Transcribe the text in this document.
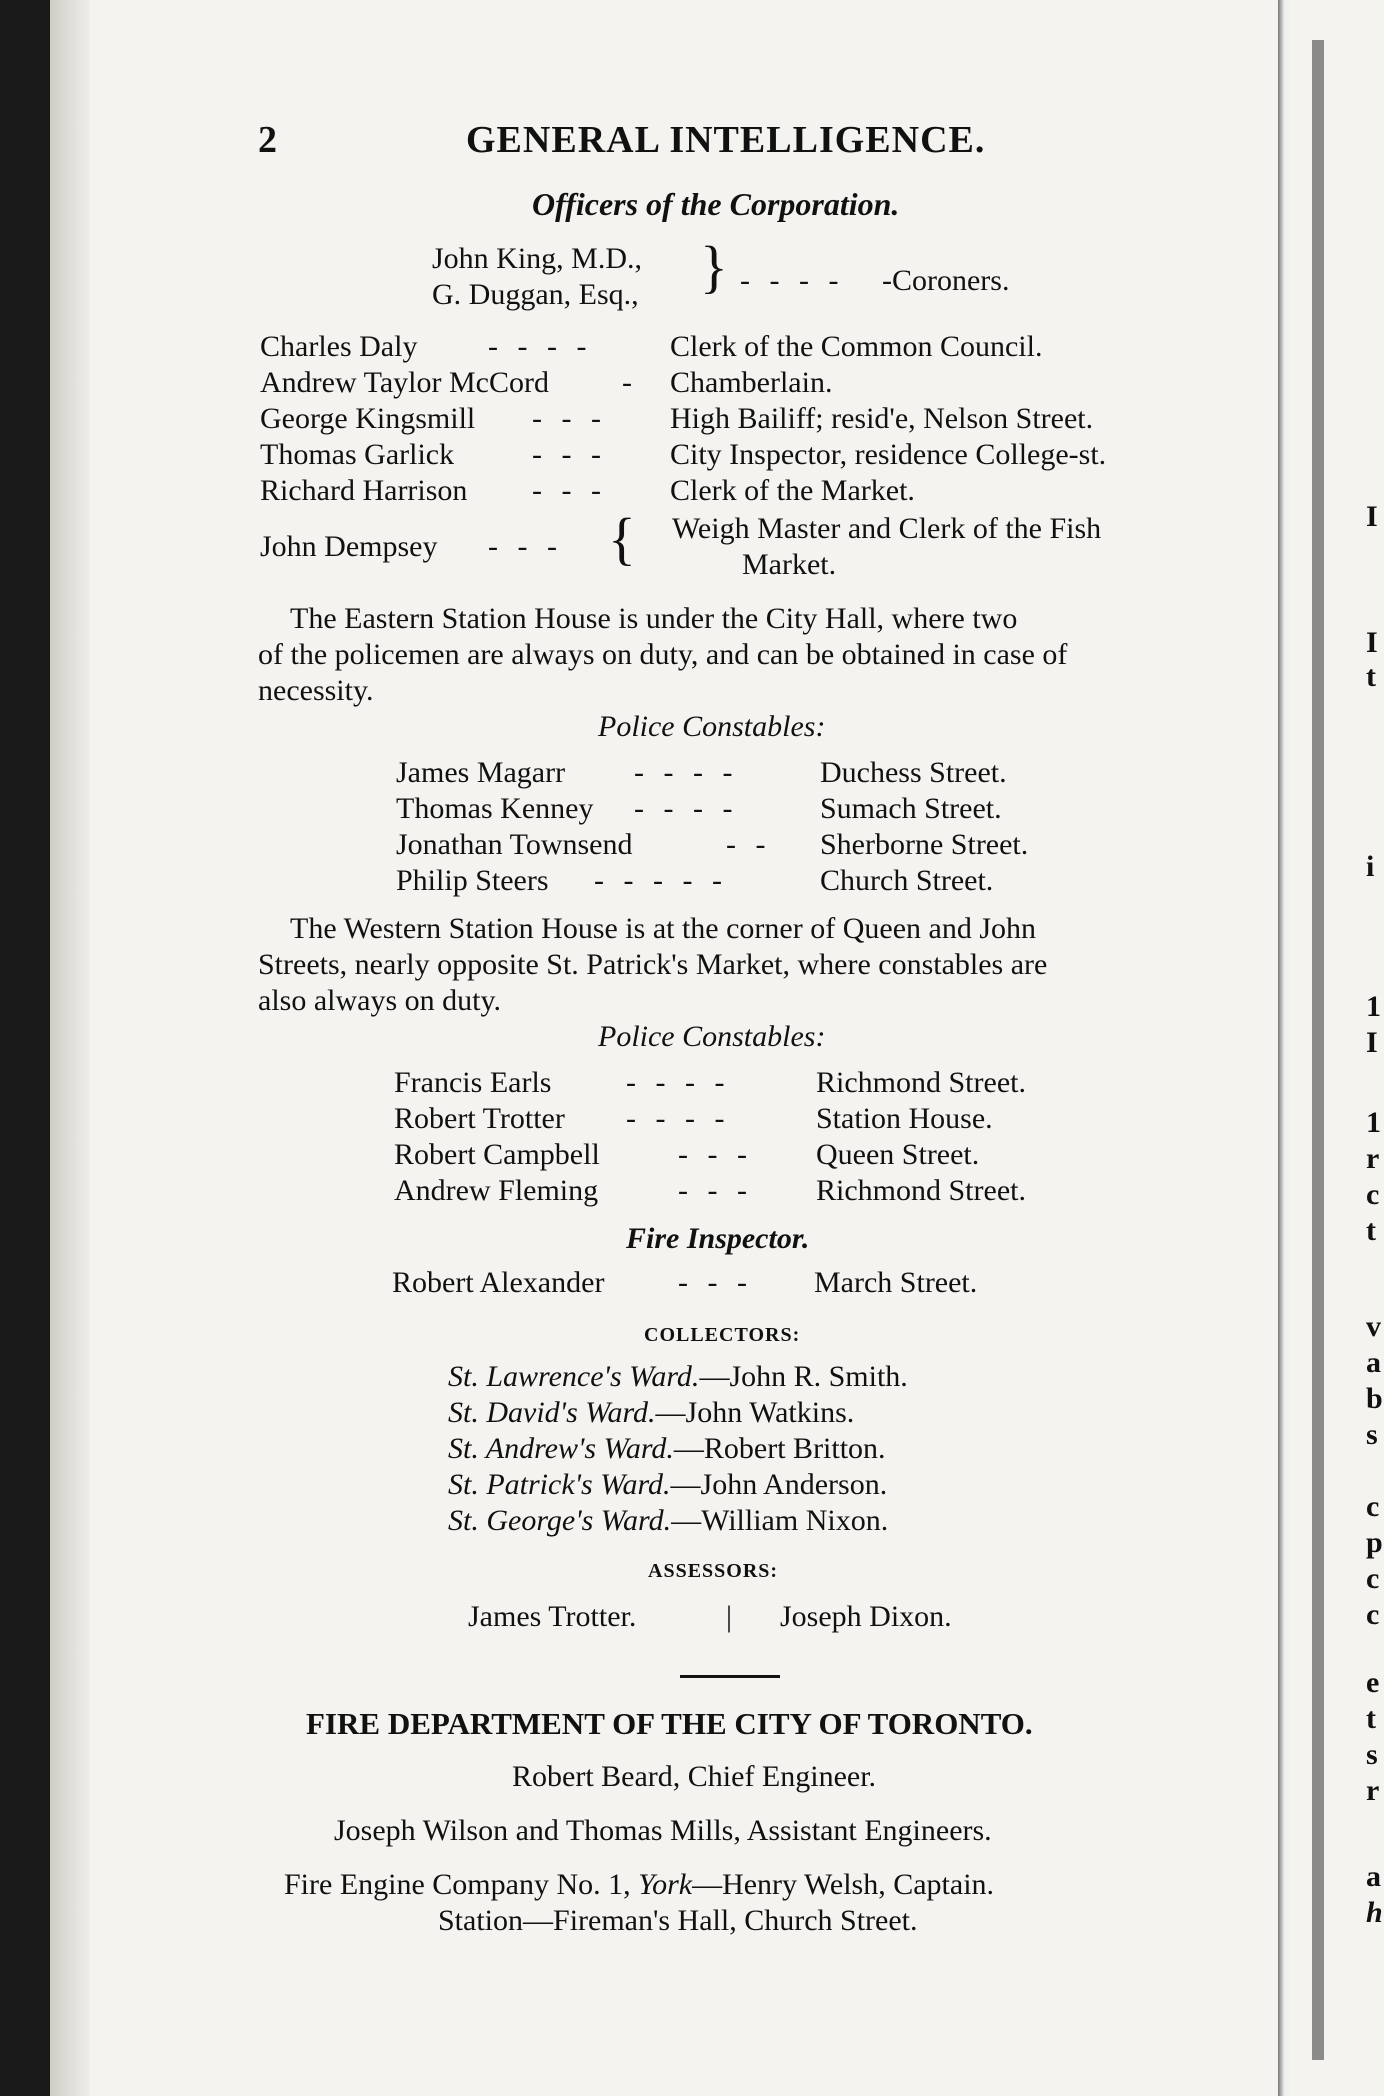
2	GENERAL INTELLIGENCE.
Officers of the Corporation.
John King, M.D.,
G. Duggan, Esq., } - - - - -Coroners.
Charles Daly - - - -	Clerk of the Common Council.
Andrew Taylor McCord - Chamberlain.
George Kingsmill - - - High Bailiff; resid'e, Nelson Street.
Thomas Garlick	- - - City Inspector, residence College-st.
Richard Harrison - - - Clerk of the Market.
John Dempsey - - - { Weigh Master and Clerk of the Fish
Market.
The Eastern Station House is under the City Hall, where two
of the policemen are always on duty, and can be obtained in case of
necessity.
Police Constables:
James Magarr - - - -	Duchess Street.
Thomas Kenney - - - -	Sumach Street.
Jonathan Townsend	- - Sherborne Street.
Philip Steers - - - - -	Church Street.
The Western Station House is at the corner of Queen and John
Streets, nearly opposite St. Patrick's Market, where constables are
also always on duty.
Police Constables:
Francis Earls - - - -	Richmond Street.
Robert Trotter - - - -	Station House.
Robert Campbell	- - - Queen Street.
Andrew Fleming	- - - Richmond Street.
Fire Inspector.
Robert Alexander - - - March Street.
COLLECTORS:
St. Lawrence's Ward.—John R. Smith.
St. David's Ward.—John Watkins.
St. Andrew's Ward.—Robert Britton.
St. Patrick's Ward.—John Anderson.
St. George's Ward.—William Nixon.
ASSESSORS:
James Trotter.	| Joseph Dixon.
FIRE DEPARTMENT OF THE CITY OF TORONTO.
Robert Beard, Chief Engineer.
Joseph Wilson and Thomas Mills, Assistant Engineers.
Fire Engine Company No. 1, York—Henry Welsh, Captain.
Station—Fireman's Hall, Church Street.
I
I
t
i
1
I
1
r
c
t
v
a
b
s
c
p
c
c
e
t
s
r
a
h
